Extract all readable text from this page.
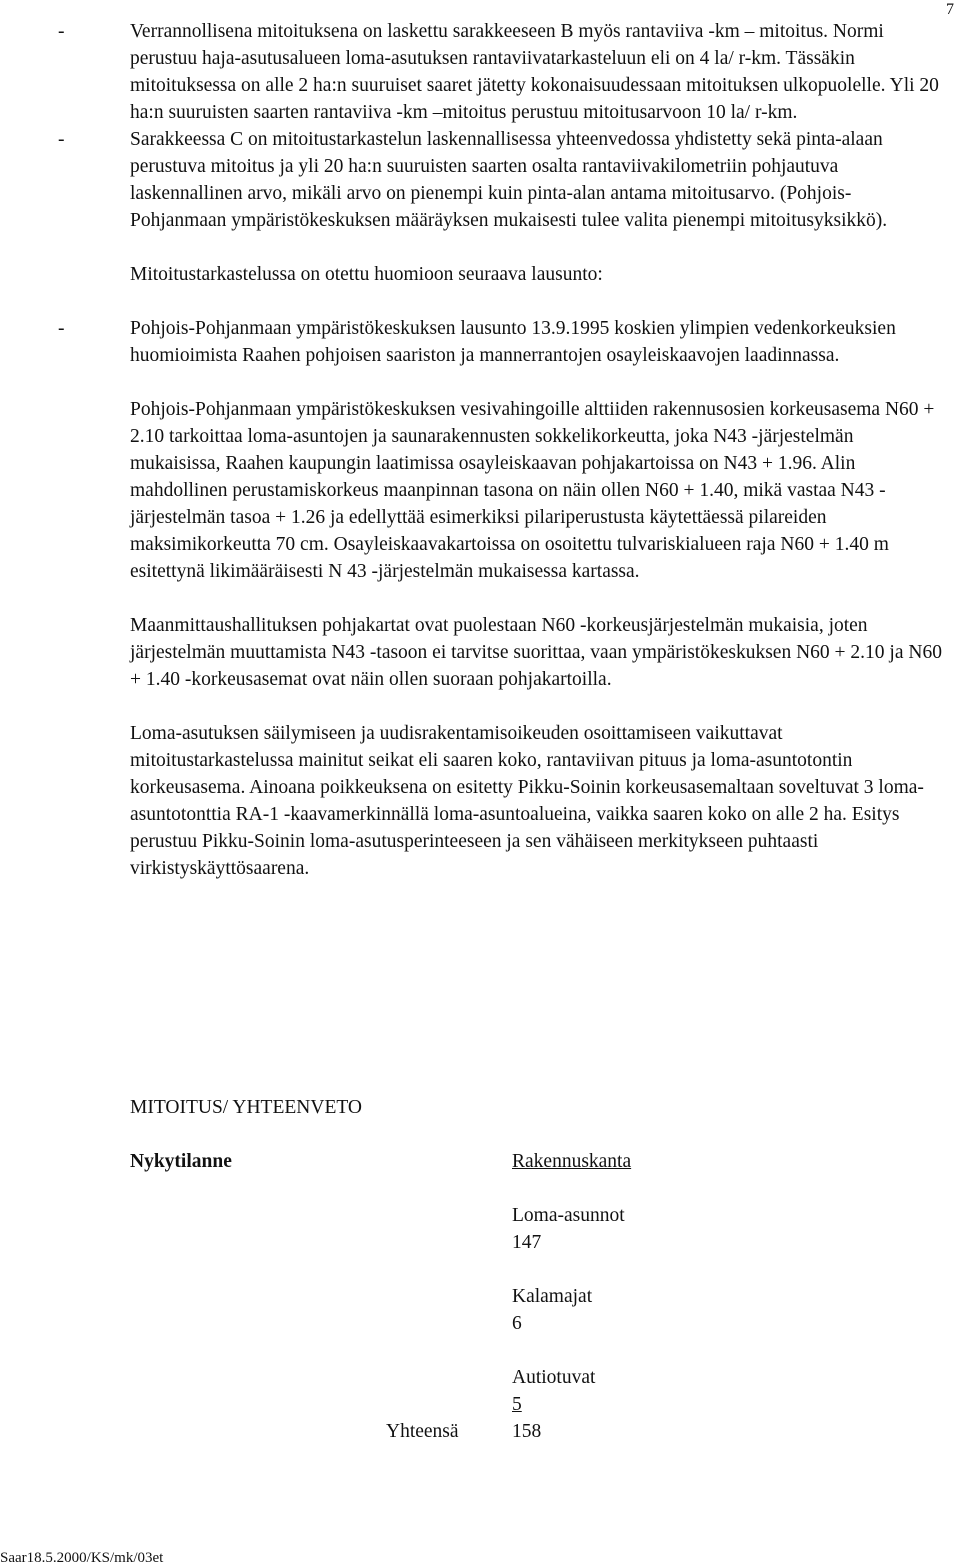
7
-	Verrannollisena mitoituksena on laskettu sarakkeeseen B myös rantaviiva -km – mitoitus. Normi perustuu haja-asutusalueen loma-asutuksen rantaviivatarkasteluun eli on 4 la/ r-km. Tässäkin mitoituksessa on alle 2 ha:n suuruiset saaret jätetty kokonaisuudessaan mitoituksen ulkopuolelle. Yli 20 ha:n suuruisten saarten rantaviiva -km –mitoitus perustuu mitoitusarvoon 10 la/ r-km.

-	Sarakkeessa C on mitoitustarkastelun laskennallisessa yhteenvedossa yhdistetty sekä pinta-alaan perustuva mitoitus ja yli 20 ha:n suuruisten saarten osalta rantaviivakilometriin pohjautuva laskennallinen arvo, mikäli arvo on pienempi kuin pinta-alan antama mitoitusarvo. (Pohjois-Pohjanmaan ympäristökeskuksen määräyksen mukaisesti tulee valita pienempi mitoitusyksikkö).

Mitoitustarkastelussa on otettu huomioon seuraava lausunto:

-	Pohjois-Pohjanmaan ympäristökeskuksen lausunto 13.9.1995 koskien ylimpien vedenkorkeuksien huomioimista Raahen pohjoisen saariston ja mannerrantojen osayleiskaavojen laadinnassa.

Pohjois-Pohjanmaan ympäristökeskuksen vesivahingoille alttiiden rakennusosien korkeusasema N60 + 2.10 tarkoittaa loma-asuntojen ja saunarakennusten sokkelikorkeutta, joka N43 -järjestelmän mukaisissa, Raahen kaupungin laatimissa osayleiskaavan pohjakartoissa on N43 + 1.96. Alin mahdollinen perustamiskorkeus maanpinnan tasona on näin ollen N60 + 1.40, mikä vastaa N43 -järjestelmän tasoa + 1.26 ja edellyttää esimerkiksi pilariperustusta käytettäessä pilareiden maksimikorkeutta 70 cm. Osayleiskaavakartoissa on osoitettu tulvariskialueen raja N60 + 1.40 m esitettynä likimääräisesti N 43 -järjestelmän mukaisessa kartassa.

Maanmittaushallituksen pohjakartat ovat puolestaan N60 -korkeusjärjestelmän mukaisia, joten järjestelmän muuttamista N43 -tasoon ei tarvitse suorittaa, vaan ympäristökeskuksen N60 + 2.10 ja N60 + 1.40 -korkeusasemat ovat näin ollen suoraan pohjakartoilla.

Loma-asutuksen säilymiseen ja uudisrakentamisoikeuden osoittamiseen vaikuttavat mitoitustarkastelussa mainitut seikat eli saaren koko, rantaviivan pituus ja loma-asuntotontin korkeusasema. Ainoana poikkeuksena on esitetty Pikku-Soinin korkeusasemaltaan soveltuvat 3 loma-asuntotonttia RA-1 -kaavamerkinnällä loma-asuntoalueina, vaikka saaren koko on alle 2 ha. Esitys perustuu Pikku-Soinin loma-asutusperinteeseen ja sen vähäiseen merkitykseen puhtaasti virkistyskäyttösaarena.

MITOITUS/ YHTEENVETO
Nykytilanne	Rakennuskanta
Loma-asunnot
147
Kalamajat
6
Autiotuvat
5
Yhteensä	158
Saar18.5.2000/KS/mk/03et
